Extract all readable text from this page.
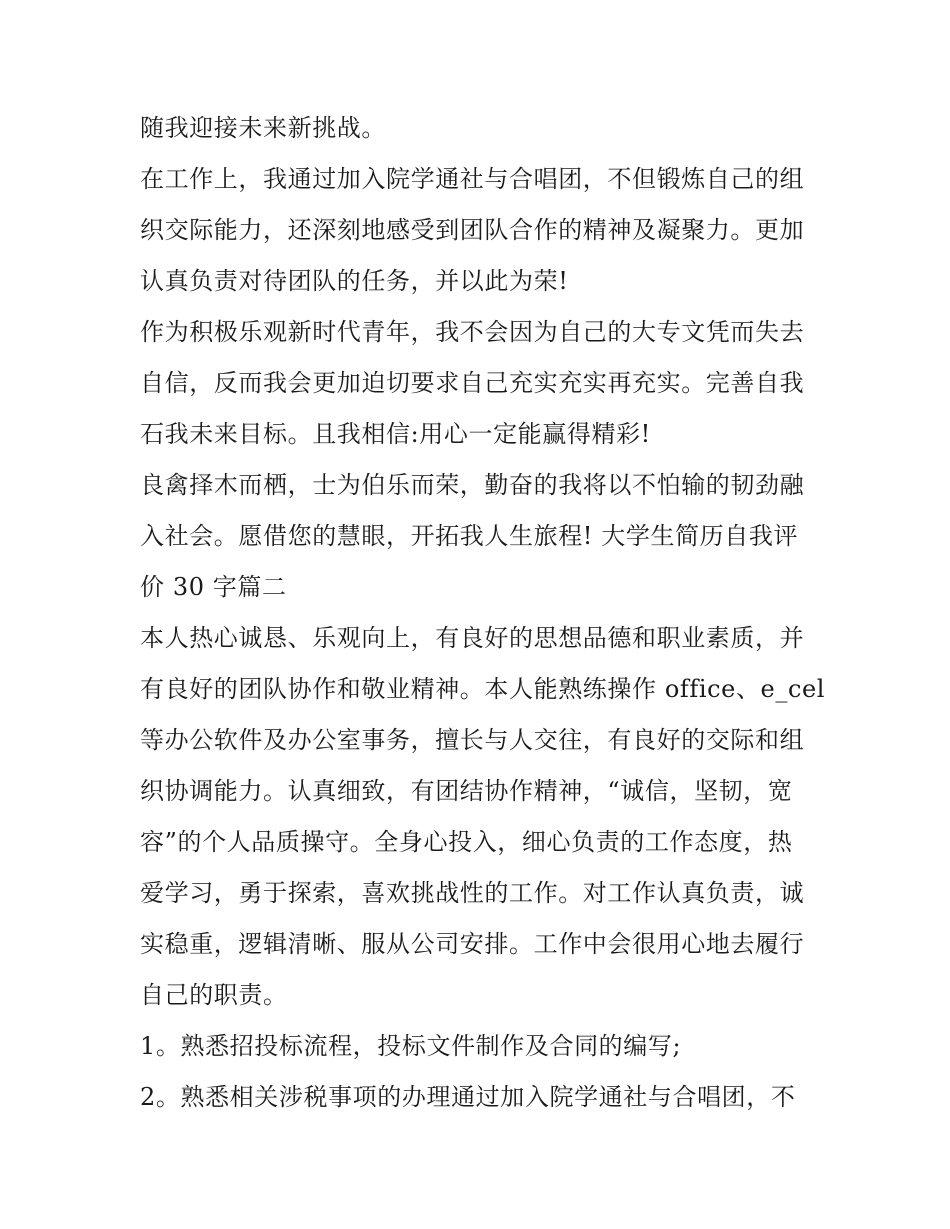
随我迎接未来新挑战。
在工作上，我通过加入院学通社与合唱团，不但锻炼自己的组
织交际能力，还深刻地感受到团队合作的精神及凝聚力。更加
认真负责对待团队的任务，并以此为荣!
作为积极乐观新时代青年，我不会因为自己的大专文凭而失去
自信，反而我会更加迫切要求自己充实充实再充实。完善自我
石我未来目标。且我相信:用心一定能赢得精彩!
良禽择木而栖，士为伯乐而荣，勤奋的我将以不怕输的韧劲融
入社会。愿借您的慧眼，开拓我人生旅程! 大学生简历自我评
价 30 字篇二
本人热心诚恳、乐观向上，有良好的思想品德和职业素质，并
有良好的团队协作和敬业精神。本人能熟练操作 office、e_cel
等办公软件及办公室事务，擅长与人交往，有良好的交际和组
织协调能力。认真细致，有团结协作精神，“诚信，坚韧，宽
容”的个人品质操守。全身心投入，细心负责的工作态度，热
爱学习，勇于探索，喜欢挑战性的工作。对工作认真负责，诚
实稳重，逻辑清晰、服从公司安排。工作中会很用心地去履行
自己的职责。
1。熟悉招投标流程，投标文件制作及合同的编写;
2。熟悉相关涉税事项的办理通过加入院学通社与合唱团，不
